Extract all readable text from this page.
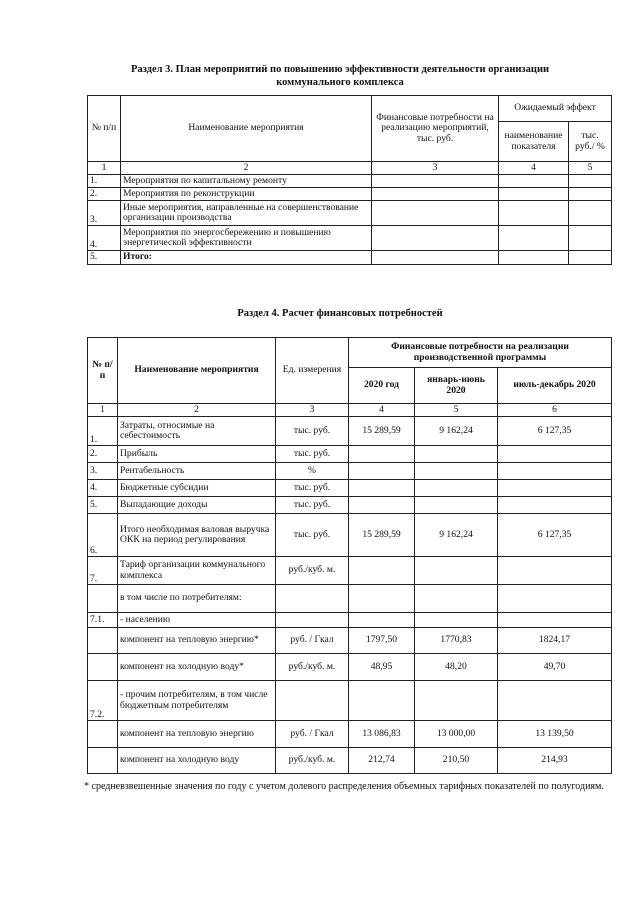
Раздел 3. План мероприятий по повышению эффективности деятельности организации
коммунального комплекса
№ п/п	Наименование мероприятия	Финансовые потребности на реализацию мероприятий, тыс. руб.	Ожидаемый эффект	
			наименование показателя	тыс. руб./ %
1	2	3	4	5
1.	Мероприятия по капитальному ремонту			
2.	Мероприятия по реконструкции			
3.	Иные мероприятия, направленные на совершенствование организации производства			
4.	Мероприятия по энергосбережению и повышению энергетической эффективности			
5.	Итого:			
Раздел 4. Расчет финансовых потребностей
№ п/п	Наименование мероприятия	Ед. измерения	Финансовые потребности на реализации производственной программы		
			2020 год	январь-июнь 2020	июль-декабрь 2020
1	2	3	4	5	6
1.	Затраты, относимые на себестоимость	тыс. руб.	15 289,59	9 162,24	6 127,35
2.	Прибыль	тыс. руб.			
3.	Рентабельность	%			
4.	Бюджетные субсидии	тыс. руб.			
5.	Выпадающие доходы	тыс. руб.			
6.	Итого необходимая валовая выручка ОКК на период регулирования	тыс. руб.	15 289,59	9 162,24	6 127,35
7.	Тариф организации коммунального комплекса	руб./куб. м.			
	в том числе по потребителям:				
7.1.	- населению				
	компонент на тепловую энергию*	руб. / Гкал	1797,50	1770,83	1824,17
	компонент на холодную воду*	руб./куб. м.	48,95	48,20	49,70
7.2.	- прочим потребителям, в том числе бюджетным потребителям				
	компонент на тепловую энергию	руб. / Гкал	13 086,83	13 000,00	13 139,50
	компонент на холодную воду	руб./куб. м.	212,74	210,50	214,93
* средневзвешенные значения по году с учетом долевого распределения объемных тарифных показателей по полугодиям.
